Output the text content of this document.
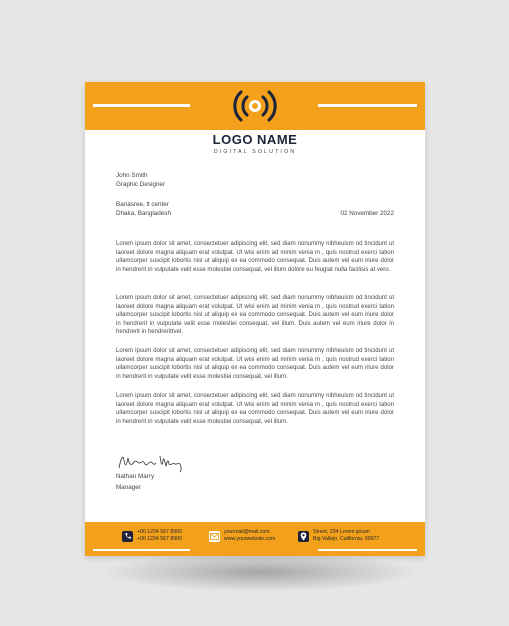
LOGO NAME
DIGITAL SOLUTION
John Smith
Graphic Designer
Banasree, lt center
Dhaka, Bangladesh	02 November 2022
Lorem ipsum dolor sit amet, consectetuer adipiscing elit, sed diam nonummy nibheuism od tincidunt ut laoreet dolore magna aliquam erat volutpat. Ut wisi enim ad minim venia m , quis nostrud exerci tation ullamcorper suscipit lobortis nisl ut aliquip ex ea commodo consequat. Duis autem vel eum iriure dolor in hendrerit in vulputate velit esse molestiei consequat, vel illum dolore eu feugiat nulla facilisis at vero.
Lorem ipsum dolor sit amet, consectetuer adipiscing elit, sed diam nonummy nibheuism od tincidunt ut laoreet dolore magna aliquam erat volutpat. Ut wisi enim ad minim venia m , quis nostrud exerci tation ullamcorper suscipit lobortis nisl ut aliquip ex ea commodo consequat. Duis autem vel eum iriure dolor in hendrerit in vulputate velit esse molestiei consequat, vel illum. Duis autem vel eum iriure dolor in hendrerit in hendrerittvel.
Lorem ipsum dolor sit amet, consectetuer adipiscing elit, sed diam nonummy nibheuism od tincidunt ut laoreet dolore magna aliquam erat volutpat. Ut wisi enim ad minim venia m , quis nostrud exerci tation ullamcorper suscipit lobortis nisl ut aliquip ex ea commodo consequat. Duis autem vel eum iriure dolor in hendrerit in vulputate velit esse molestiei consequat, vel illum.
Lorem ipsum dolor sit amet, consectetuer adipiscing elit, sed diam nonummy nibheuism od tincidunt ut laoreet dolore magna aliquam erat volutpat. Ut wisi enim ad minim venia m , quis nostrud exerci tation ullamcorper suscipit lobortis nisl ut aliquip ex ea commodo consequat. Duis autem vel eum iriure dolor in hendrerit in vulputate velit esse molestiei consequat, vel illum.
Nathan Marry
Manager
+00 1234 567 8900
+00 1234 567 8900
yourmail@mail.com
www.yourwebsite.com
Street, 234 Lorem ipsum
Big Vallejo, California, 00977
